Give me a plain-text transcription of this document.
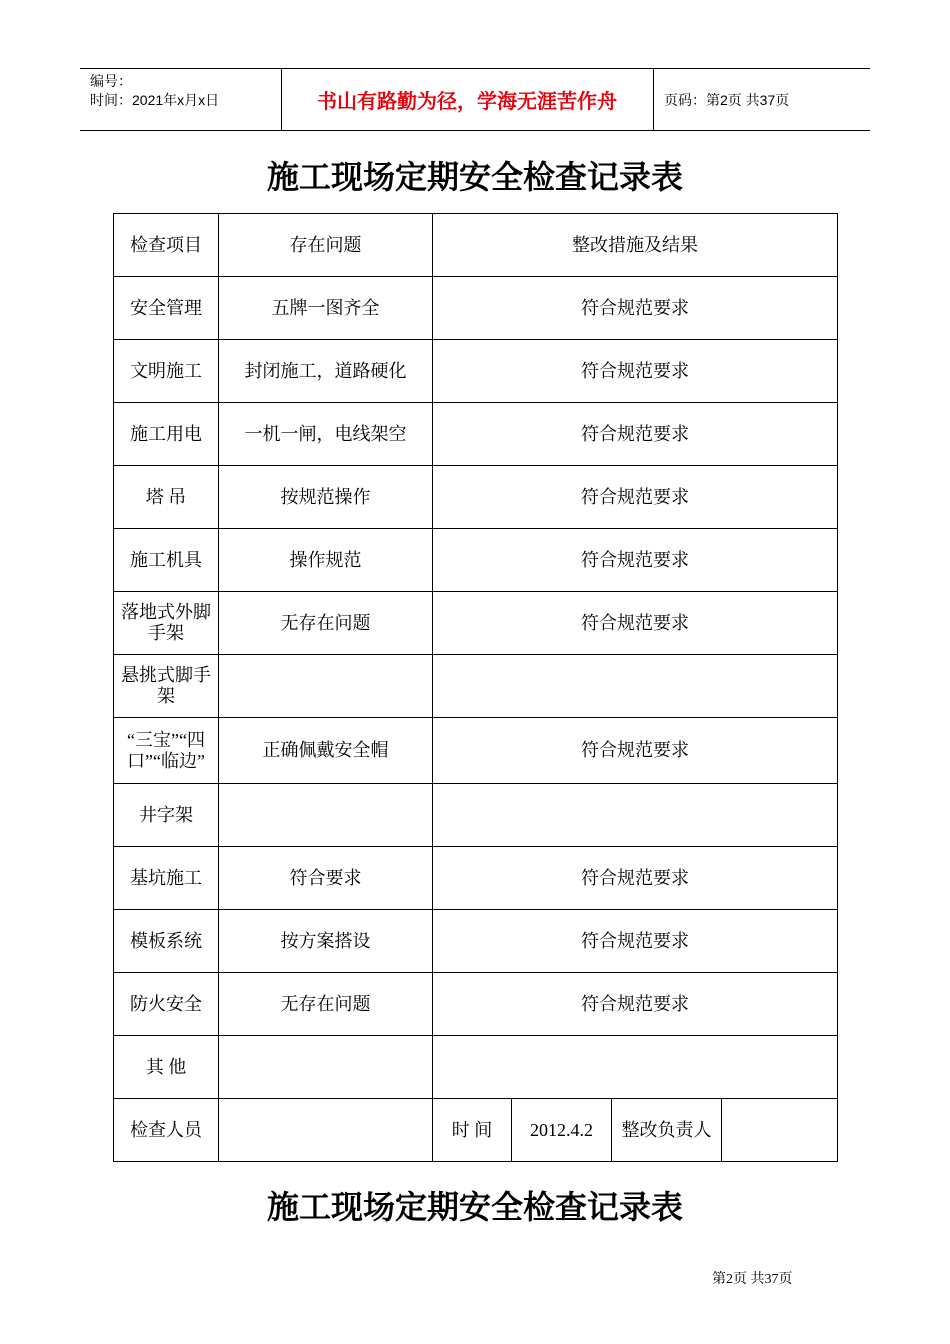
编号：
时间：2021年x月x日	书山有路勤为径，学海无涯苦作舟	页码：第2页 共37页
施工现场定期安全检查记录表
检查项目	存在问题	整改措施及结果			
安全管理	五牌一图齐全	符合规范要求			
文明施工	封闭施工，道路硬化	符合规范要求			
施工用电	一机一闸，电线架空	符合规范要求			
塔 吊	按规范操作	符合规范要求			
施工机具	操作规范	符合规范要求			
落地式外脚手架	无存在问题	符合规范要求			
悬挑式脚手架					
“三宝”“四口”“临边”	正确佩戴安全帽	符合规范要求			
井字架					
基坑施工	符合要求	符合规范要求			
模板系统	按方案搭设	符合规范要求			
防火安全	无存在问题	符合规范要求			
其 他					
检查人员		时 间	2012.4.2	整改负责人	
施工现场定期安全检查记录表
第2页 共37页
